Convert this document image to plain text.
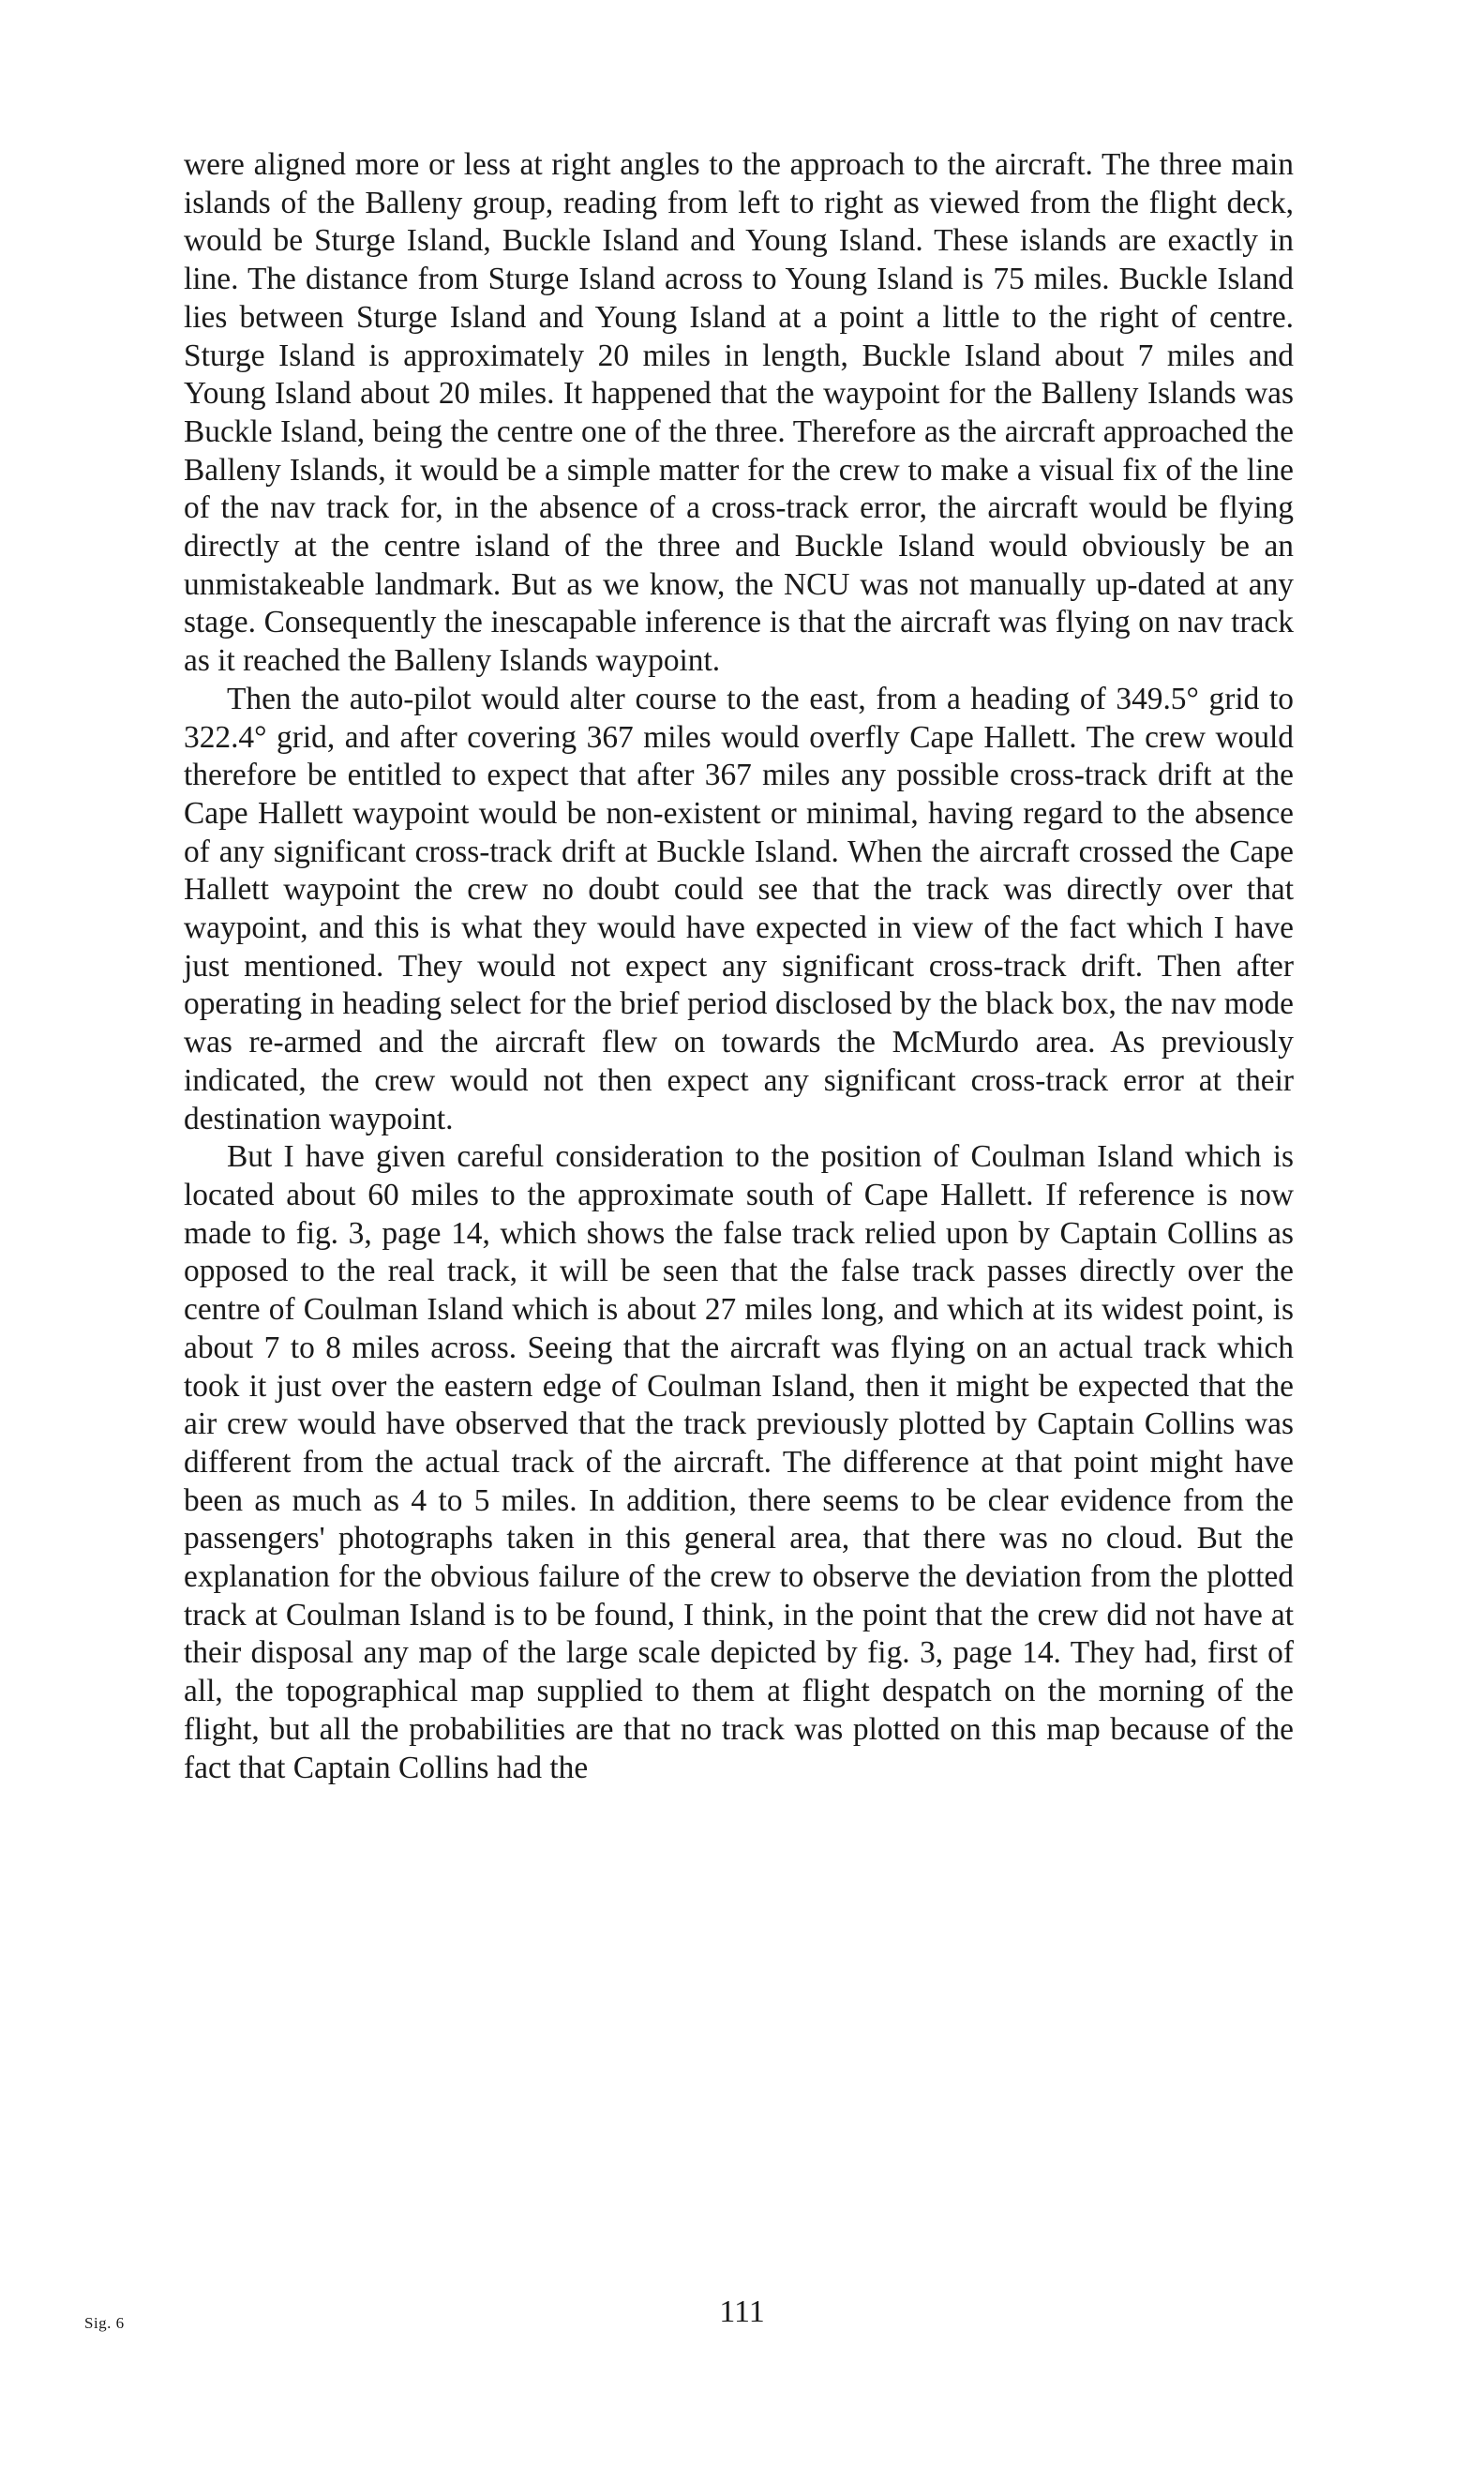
were aligned more or less at right angles to the approach to the aircraft. The three main islands of the Balleny group, reading from left to right as viewed from the flight deck, would be Sturge Island, Buckle Island and Young Island. These islands are exactly in line. The distance from Sturge Island across to Young Island is 75 miles. Buckle Island lies between Sturge Island and Young Island at a point a little to the right of centre. Sturge Island is approximately 20 miles in length, Buckle Island about 7 miles and Young Island about 20 miles. It happened that the waypoint for the Balleny Islands was Buckle Island, being the centre one of the three. Therefore as the aircraft approached the Balleny Islands, it would be a simple matter for the crew to make a visual fix of the line of the nav track for, in the absence of a cross-track error, the aircraft would be flying directly at the centre island of the three and Buckle Island would obviously be an unmistakeable landmark. But as we know, the NCU was not manually up-dated at any stage. Consequently the inescapable inference is that the aircraft was flying on nav track as it reached the Balleny Islands waypoint.

Then the auto-pilot would alter course to the east, from a heading of 349.5° grid to 322.4° grid, and after covering 367 miles would overfly Cape Hallett. The crew would therefore be entitled to expect that after 367 miles any possible cross-track drift at the Cape Hallett waypoint would be non-existent or minimal, having regard to the absence of any significant cross-track drift at Buckle Island. When the aircraft crossed the Cape Hallett waypoint the crew no doubt could see that the track was directly over that waypoint, and this is what they would have expected in view of the fact which I have just mentioned. They would not expect any significant cross-track drift. Then after operating in heading select for the brief period disclosed by the black box, the nav mode was re-armed and the aircraft flew on towards the McMurdo area. As previously indicated, the crew would not then expect any significant cross-track error at their destination waypoint.

But I have given careful consideration to the position of Coulman Island which is located about 60 miles to the approximate south of Cape Hallett. If reference is now made to fig. 3, page 14, which shows the false track relied upon by Captain Collins as opposed to the real track, it will be seen that the false track passes directly over the centre of Coulman Island which is about 27 miles long, and which at its widest point, is about 7 to 8 miles across. Seeing that the aircraft was flying on an actual track which took it just over the eastern edge of Coulman Island, then it might be expected that the air crew would have observed that the track previously plotted by Captain Collins was different from the actual track of the aircraft. The difference at that point might have been as much as 4 to 5 miles. In addition, there seems to be clear evidence from the passengers' photographs taken in this general area, that there was no cloud. But the explanation for the obvious failure of the crew to observe the deviation from the plotted track at Coulman Island is to be found, I think, in the point that the crew did not have at their disposal any map of the large scale depicted by fig. 3, page 14. They had, first of all, the topographical map supplied to them at flight despatch on the morning of the flight, but all the probabilities are that no track was plotted on this map because of the fact that Captain Collins had the

Sig. 6	111
